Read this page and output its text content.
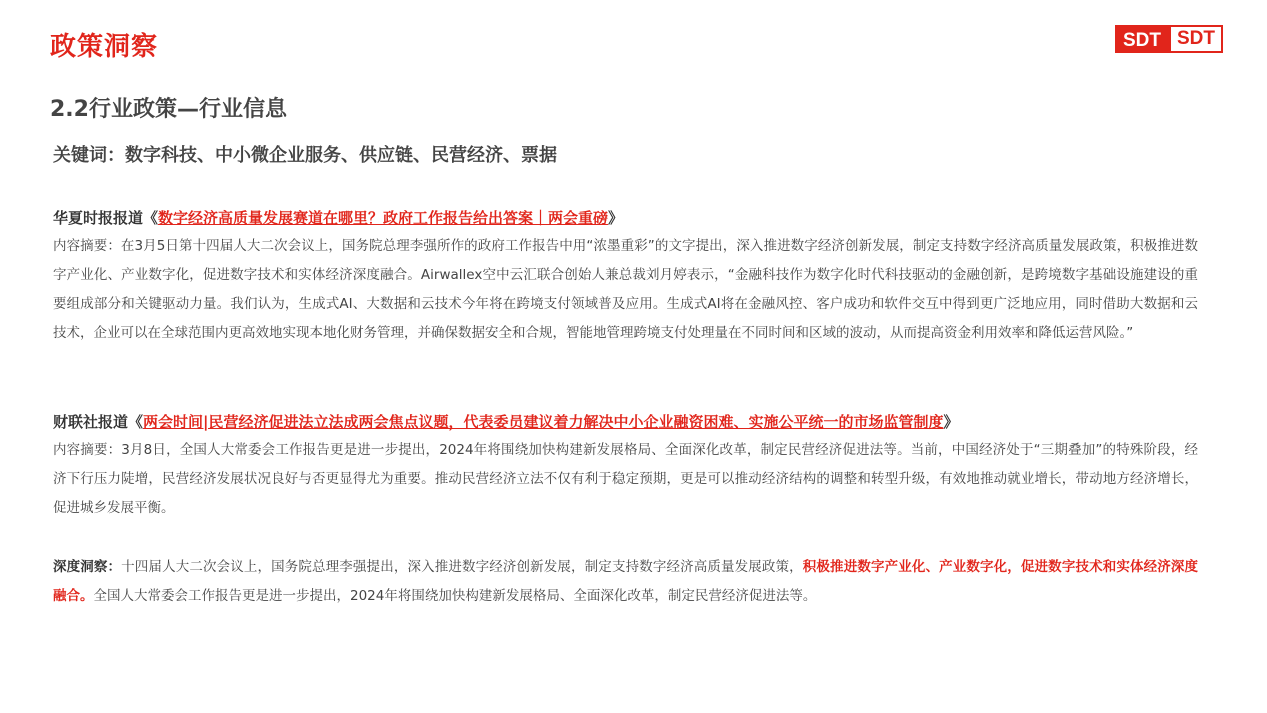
政策洞察	SDT SDT
2.2行业政策—行业信息
关键词：数字科技、中小微企业服务、供应链、民营经济、票据
华夏时报报道《数字经济高质量发展赛道在哪里？政府工作报告给出答案｜两会重磅》
内容摘要：在3月5日第十四届人大二次会议上，国务院总理李强所作的政府工作报告中用“浓墨重彩”的文字提出，深入推进数字经济创新发展，制定支持数字经济高质量发展政策，积极推进数字产业化、产业数字化，促进数字技术和实体经济深度融合。Airwallex空中云汇联合创始人兼总裁刘月婷表示，“金融科技作为数字化时代科技驱动的金融创新，是跨境数字基础设施建设的重要组成部分和关键驱动力量。我们认为，生成式AI、大数据和云技术今年将在跨境支付领域普及应用。生成式AI将在金融风控、客户成功和软件交互中得到更广泛地应用，同时借助大数据和云技术，企业可以在全球范围内更高效地实现本地化财务管理，并确保数据安全和合规，智能地管理跨境支付处理量在不同时间和区域的波动，从而提高资金利用效率和降低运营风险。”
财联社报道《两会时间|民营经济促进法立法成两会焦点议题，代表委员建议着力解决中小企业融资困难、实施公平统一的市场监管制度》
内容摘要：3月8日，全国人大常委会工作报告更是进一步提出，2024年将围绕加快构建新发展格局、全面深化改革，制定民营经济促进法等。当前，中国经济处于“三期叠加”的特殊阶段，经济下行压力陡增，民营经济发展状况良好与否更显得尤为重要。推动民营经济立法不仅有利于稳定预期，更是可以推动经济结构的调整和转型升级，有效地推动就业增长，带动地方经济增长，促进城乡发展平衡。
深度洞察：十四届人大二次会议上，国务院总理李强提出，深入推进数字经济创新发展，制定支持数字经济高质量发展政策，积极推进数字产业化、产业数字化，促进数字技术和实体经济深度融合。全国人大常委会工作报告更是进一步提出，2024年将围绕加快构建新发展格局、全面深化改革，制定民营经济促进法等。
